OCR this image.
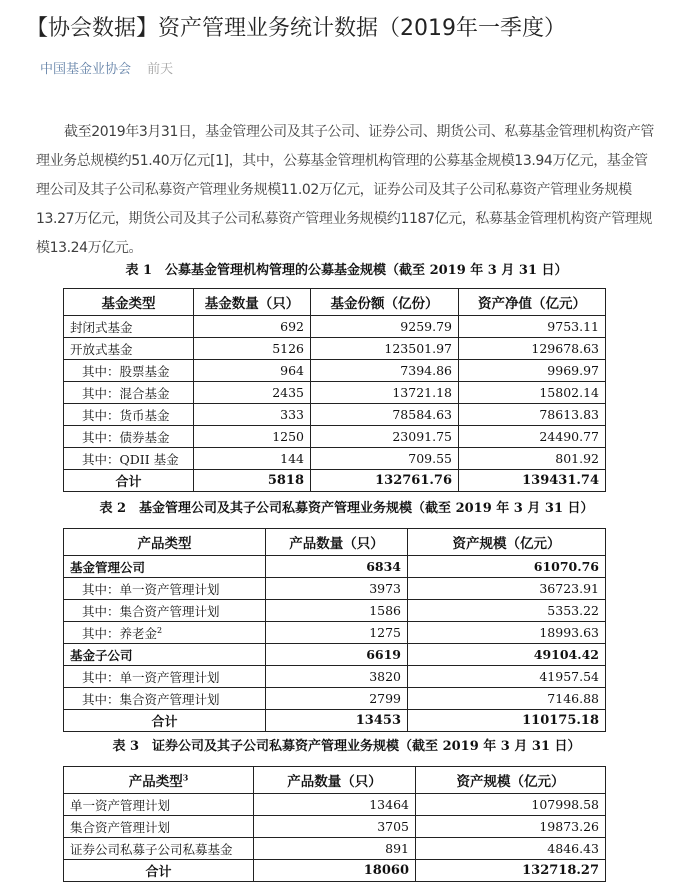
【协会数据】资产管理业务统计数据（2019年一季度）
中国基金业协会 前天

截至2019年3月31日，基金管理公司及其子公司、证券公司、期货公司、私募基金管理机构资产管理业务总规模约51.40万亿元[1]，其中，公募基金管理机构管理的公募基金规模13.94万亿元，基金管理公司及其子公司私募资产管理业务规模11.02万亿元，证券公司及其子公司私募资产管理业务规模13.27万亿元，期货公司及其子公司私募资产管理业务规模约1187亿元，私募基金管理机构资产管理规模13.24万亿元。

表 1　公募基金管理机构管理的公募基金规模（截至 2019 年 3 月 31 日）

基金类型	基金数量（只）	基金份额（亿份）	资产净值（亿元）
封闭式基金	692	9259.79	9753.11
开放式基金	5126	123501.97	129678.63
其中：股票基金	964	7394.86	9969.97
其中：混合基金	2435	13721.18	15802.14
其中：货币基金	333	78584.63	78613.83
其中：债券基金	1250	23091.75	24490.77
其中：QDII 基金	144	709.55	801.92
合计	5818	132761.76	139431.74

表 2　基金管理公司及其子公司私募资产管理业务规模（截至 2019 年 3 月 31 日）

产品类型	产品数量（只）	资产规模（亿元）
基金管理公司	6834	61070.76
其中：单一资产管理计划	3973	36723.91
其中：集合资产管理计划	1586	5353.22
其中：养老金$^2$	1275	18993.63
基金子公司	6619	49104.42
其中：单一资产管理计划	3820	41957.54
其中：集合资产管理计划	2799	7146.88
合计	13453	110175.18

表 3　证券公司及其子公司私募资产管理业务规模（截至 2019 年 3 月 31 日）

产品类型$^3$	产品数量（只）	资产规模（亿元）
单一资产管理计划	13464	107998.58
集合资产管理计划	3705	19873.26
证券公司私募子公司私募基金	891	4846.43
合计	18060	132718.27
